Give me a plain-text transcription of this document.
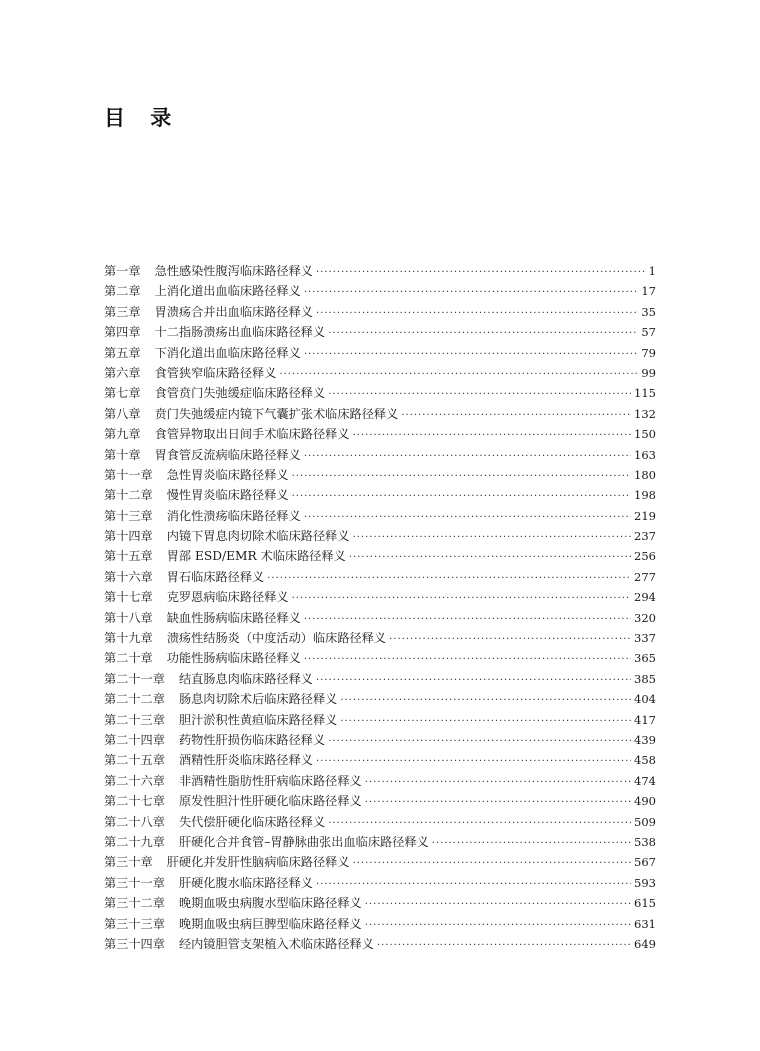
目 录
第一章 急性感染性腹泻临床路径释义 ·····	1
第二章 上消化道出血临床路径释义 ·····	17
第三章 胃溃疡合并出血临床路径释义 ·····	35
第四章 十二指肠溃疡出血临床路径释义 ·····	57
第五章 下消化道出血临床路径释义 ·····	79
第六章 食管狭窄临床路径释义 ·····	99
第七章 食管贲门失弛缓症临床路径释义 ·····	115
第八章 贲门失弛缓症内镜下气囊扩张术临床路径释义 ·····	132
第九章 食管异物取出日间手术临床路径释义 ·····	150
第十章 胃食管反流病临床路径释义 ·····	163
第十一章 急性胃炎临床路径释义 ·····	180
第十二章 慢性胃炎临床路径释义 ·····	198
第十三章 消化性溃疡临床路径释义 ·····	219
第十四章 内镜下胃息肉切除术临床路径释义 ·····	237
第十五章 胃部 ESD/EMR 术临床路径释义 ·····	256
第十六章 胃石临床路径释义 ·····	277
第十七章 克罗恩病临床路径释义 ·····	294
第十八章 缺血性肠病临床路径释义 ·····	320
第十九章 溃疡性结肠炎（中度活动）临床路径释义 ·····	337
第二十章 功能性肠病临床路径释义 ·····	365
第二十一章 结直肠息肉临床路径释义 ·····	385
第二十二章 肠息肉切除术后临床路径释义 ·····	404
第二十三章 胆汁淤积性黄疸临床路径释义 ·····	417
第二十四章 药物性肝损伤临床路径释义 ·····	439
第二十五章 酒精性肝炎临床路径释义 ·····	458
第二十六章 非酒精性脂肪性肝病临床路径释义 ·····	474
第二十七章 原发性胆汁性肝硬化临床路径释义 ·····	490
第二十八章 失代偿肝硬化临床路径释义 ·····	509
第二十九章 肝硬化合并食管–胃静脉曲张出血临床路径释义 ·····	538
第三十章 肝硬化并发肝性脑病临床路径释义 ·····	567
第三十一章 肝硬化腹水临床路径释义 ·····	593
第三十二章 晚期血吸虫病腹水型临床路径释义 ·····	615
第三十三章 晚期血吸虫病巨脾型临床路径释义 ·····	631
第三十四章 经内镜胆管支架植入术临床路径释义 ·····	649
